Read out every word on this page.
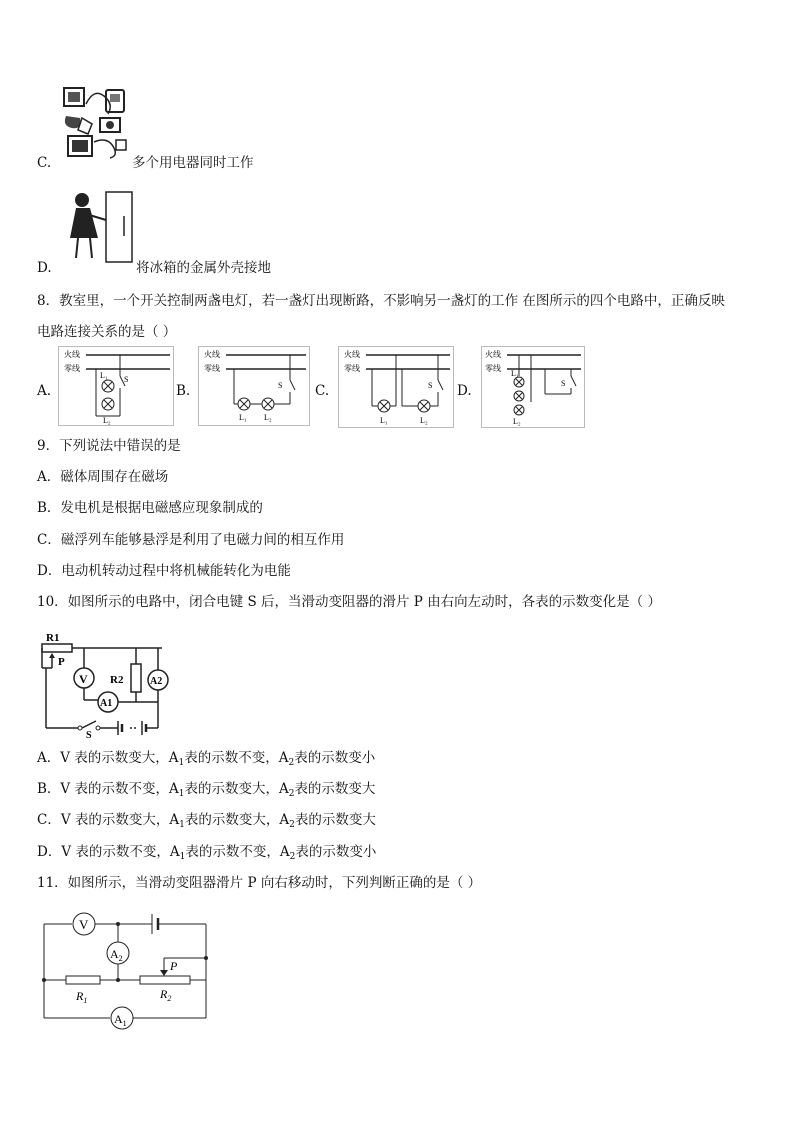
C.	多个用电器同时工作
D.	将冰箱的金属外壳接地
8．教室里，一个开关控制两盏电灯，若一盏灯出现断路，不影响另一盏灯的工作 在图所示的四个电路中，正确反映
电路连接关系的是（ ）
A.
火线
零线
L₁ S
L₂
B.
火线
零线
S
L₁ L₂
C.
火线
零线
S
L₁	L₂
D.
火线
零线
L₁
S
L₂
9．下列说法中错误的是
A．磁体周围存在磁场
B．发电机是根据电磁感应现象制成的
C．磁浮列车能够悬浮是利用了电磁力间的相互作用
D．电动机转动过程中将机械能转化为电能
10．如图所示的电路中，闭合电键 S 后，当滑动变阻器的滑片 P 由右向左动时，各表的示数变化是（ ）
R1
P
V
A1
R2	A2
S
A．V 表的示数变大，$A_1$表的示数不变，$A_2$表的示数变小
B．V 表的示数不变，$A_1$表的示数变大，$A_2$表的示数变大
C．V 表的示数变大，$A_1$表的示数变大，$A_2$表的示数变大
D．V 表的示数不变，$A_1$表的示数不变，$A_2$表的示数变小
11．如图所示，当滑动变阻器滑片 P 向右移动时，下列判断正确的是（ ）
V
$A_2$
P
$R_1$	$R_2$
$A_1$
